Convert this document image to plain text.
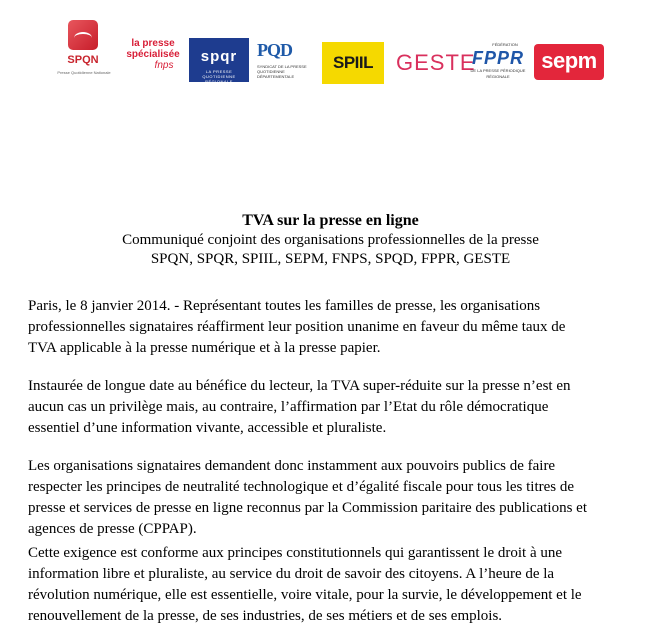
SPQN
Presse Quotidienne Nationale
la presse
spécialisée
fnps
spqr
LA PRESSE QUOTIDIENNE RÉGIONALE
PQD
SYNDICAT DE LA PRESSE QUOTIDIENNE DÉPARTEMENTALE
SPIIL	GESTE
FÉDÉRATION
FPPR
DE LA PRESSE PÉRIODIQUE RÉGIONALE
sepm
TVA sur la presse en ligne
Communiqué conjoint des organisations professionnelles de la presse
SPQN, SPQR, SPIIL, SEPM, FNPS, SPQD, FPPR, GESTE

Paris, le 8 janvier 2014. - Représentant toutes les familles de presse, les organisations
professionnelles signataires réaffirment leur position unanime en faveur du même taux de
TVA applicable à la presse numérique et à la presse papier.

Instaurée de longue date au bénéfice du lecteur, la TVA super-réduite sur la presse n’est en
aucun cas un privilège mais, au contraire, l’affirmation par l’Etat du rôle démocratique
essentiel d’une information vivante, accessible et pluraliste.

Les organisations signataires demandent donc instamment aux pouvoirs publics de faire
respecter les principes de neutralité technologique et d’égalité fiscale pour tous les titres de
presse et services de presse en ligne reconnus par la Commission paritaire des publications et
agences de presse (CPPAP).

Cette exigence est conforme aux principes constitutionnels qui garantissent le droit à une
information libre et pluraliste, au service du droit de savoir des citoyens. A l’heure de la
révolution numérique, elle est essentielle, voire vitale, pour la survie, le développement et le
renouvellement de la presse, de ses industries, de ses métiers et de ses emplois.
